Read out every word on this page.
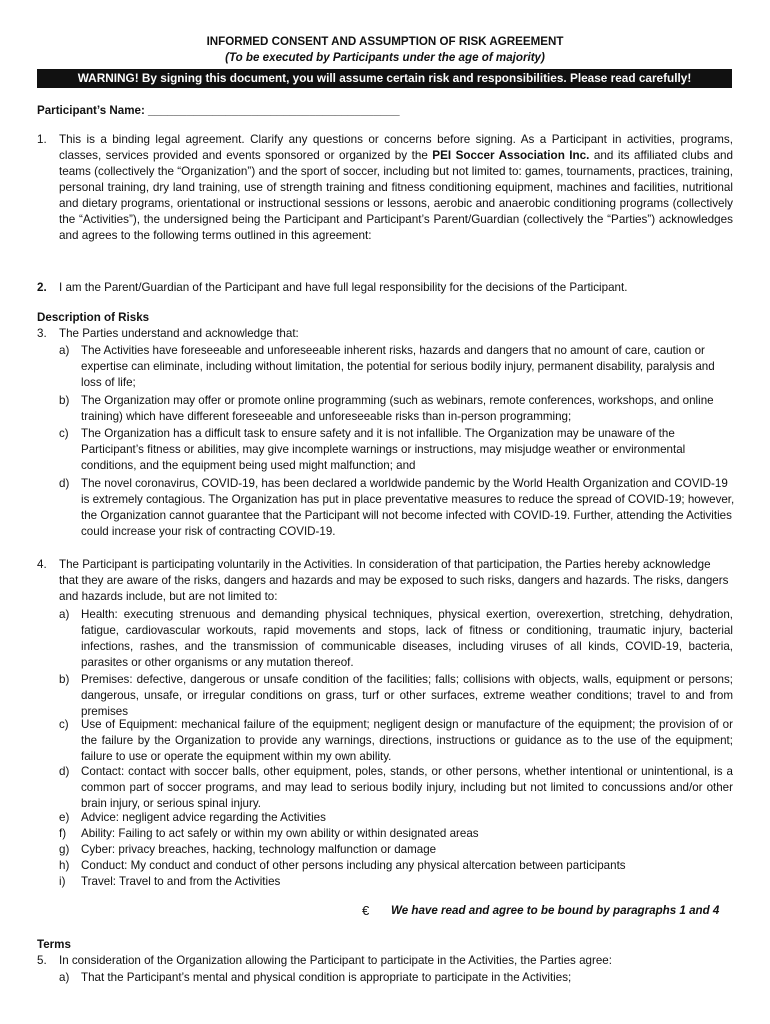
INFORMED CONSENT AND ASSUMPTION OF RISK AGREEMENT
(To be executed by Participants under the age of majority)
WARNING! By signing this document, you will assume certain risk and responsibilities. Please read carefully!
Participant’s Name: _______________________________________
1. This is a binding legal agreement. Clarify any questions or concerns before signing. As a Participant in activities, programs, classes, services provided and events sponsored or organized by the PEI Soccer Association Inc. and its affiliated clubs and teams (collectively the “Organization”) and the sport of soccer, including but not limited to: games, tournaments, practices, training, personal training, dry land training, use of strength training and fitness conditioning equipment, machines and facilities, nutritional and dietary programs, orientational or instructional sessions or lessons, aerobic and anaerobic conditioning programs (collectively the “Activities”), the undersigned being the Participant and Participant’s Parent/Guardian (collectively the “Parties”) acknowledges and agrees to the following terms outlined in this agreement:
2. I am the Parent/Guardian of the Participant and have full legal responsibility for the decisions of the Participant.
Description of Risks
3. The Parties understand and acknowledge that:
a) The Activities have foreseeable and unforeseeable inherent risks, hazards and dangers that no amount of care, caution or expertise can eliminate, including without limitation, the potential for serious bodily injury, permanent disability, paralysis and loss of life;
b) The Organization may offer or promote online programming (such as webinars, remote conferences, workshops, and online training) which have different foreseeable and unforeseeable risks than in-person programming;
c) The Organization has a difficult task to ensure safety and it is not infallible. The Organization may be unaware of the Participant’s fitness or abilities, may give incomplete warnings or instructions, may misjudge weather or environmental conditions, and the equipment being used might malfunction; and
d) The novel coronavirus, COVID-19, has been declared a worldwide pandemic by the World Health Organization and COVID-19 is extremely contagious. The Organization has put in place preventative measures to reduce the spread of COVID-19; however, the Organization cannot guarantee that the Participant will not become infected with COVID-19. Further, attending the Activities could increase your risk of contracting COVID-19.
4. The Participant is participating voluntarily in the Activities. In consideration of that participation, the Parties hereby acknowledge that they are aware of the risks, dangers and hazards and may be exposed to such risks, dangers and hazards. The risks, dangers and hazards include, but are not limited to:
a) Health: executing strenuous and demanding physical techniques, physical exertion, overexertion, stretching, dehydration, fatigue, cardiovascular workouts, rapid movements and stops, lack of fitness or conditioning, traumatic injury, bacterial infections, rashes, and the transmission of communicable diseases, including viruses of all kinds, COVID-19, bacteria, parasites or other organisms or any mutation thereof.
b) Premises: defective, dangerous or unsafe condition of the facilities; falls; collisions with objects, walls, equipment or persons; dangerous, unsafe, or irregular conditions on grass, turf or other surfaces, extreme weather conditions; travel to and from premises
c) Use of Equipment: mechanical failure of the equipment; negligent design or manufacture of the equipment; the provision of or the failure by the Organization to provide any warnings, directions, instructions or guidance as to the use of the equipment; failure to use or operate the equipment within my own ability.
d) Contact: contact with soccer balls, other equipment, poles, stands, or other persons, whether intentional or unintentional, is a common part of soccer programs, and may lead to serious bodily injury, including but not limited to concussions and/or other brain injury, or serious spinal injury.
e) Advice: negligent advice regarding the Activities
f) Ability: Failing to act safely or within my own ability or within designated areas
g) Cyber: privacy breaches, hacking, technology malfunction or damage
h) Conduct: My conduct and conduct of other persons including any physical altercation between participants
i) Travel: Travel to and from the Activities
€ We have read and agree to be bound by paragraphs 1 and 4
Terms
5. In consideration of the Organization allowing the Participant to participate in the Activities, the Parties agree:
a) That the Participant’s mental and physical condition is appropriate to participate in the Activities;
